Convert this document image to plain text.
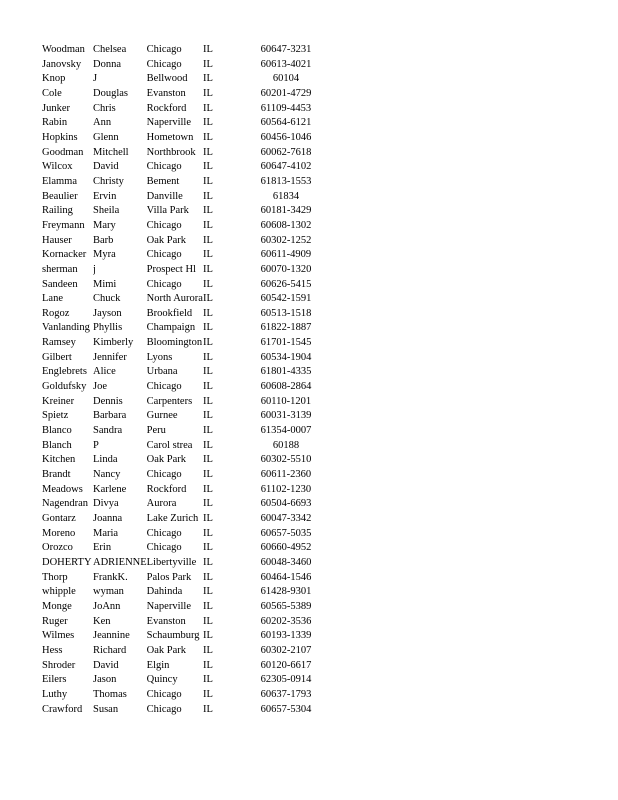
Woodman	Chelsea	Chicago	IL	60647-3231
Janovsky	Donna	Chicago	IL	60613-4021
Knop	J	Bellwood	IL	60104
Cole	Douglas	Evanston	IL	60201-4729
Junker	Chris	Rockford	IL	61109-4453
Rabin	Ann	Naperville	IL	60564-6121
Hopkins	Glenn	Hometown	IL	60456-1046
Goodman	Mitchell	Northbrook	IL	60062-7618
Wilcox	David	Chicago	IL	60647-4102
Elamma	Christy	Bement	IL	61813-1553
Beaulier	Ervin	Danville	IL	61834
Railing	Sheila	Villa Park	IL	60181-3429
Freymann	Mary	Chicago	IL	60608-1302
Hauser	Barb	Oak Park	IL	60302-1252
Kornacker	Myra	Chicago	IL	60611-4909
sherman	j	Prospect Hl	IL	60070-1320
Sandeen	Mimi	Chicago	IL	60626-5415
Lane	Chuck	North Aurora	IL	60542-1591
Rogoz	Jayson	Brookfield	IL	60513-1518
Vanlanding	Phyllis	Champaign	IL	61822-1887
Ramsey	Kimberly	Bloomington	IL	61701-1545
Gilbert	Jennifer	Lyons	IL	60534-1904
Englebrets	Alice	Urbana	IL	61801-4335
Goldufsky	Joe	Chicago	IL	60608-2864
Kreiner	Dennis	Carpenters	IL	60110-1201
Spietz	Barbara	Gurnee	IL	60031-3139
Blanco	Sandra	Peru	IL	61354-0007
Blanch	P	Carol strea	IL	60188
Kitchen	Linda	Oak Park	IL	60302-5510
Brandt	Nancy	Chicago	IL	60611-2360
Meadows	Karlene	Rockford	IL	61102-1230
Nagendran	Divya	Aurora	IL	60504-6693
Gontarz	Joanna	Lake Zurich	IL	60047-3342
Moreno	Maria	Chicago	IL	60657-5035
Orozco	Erin	Chicago	IL	60660-4952
DOHERTY	ADRIENNE	Libertyville	IL	60048-3460
Thorp	FrankK.	Palos Park	IL	60464-1546
whipple	wyman	Dahinda	IL	61428-9301
Monge	JoAnn	Naperville	IL	60565-5389
Ruger	Ken	Evanston	IL	60202-3536
Wilmes	Jeannine	Schaumburg	IL	60193-1339
Hess	Richard	Oak Park	IL	60302-2107
Shroder	David	Elgin	IL	60120-6617
Eilers	Jason	Quincy	IL	62305-0914
Luthy	Thomas	Chicago	IL	60637-1793
Crawford	Susan	Chicago	IL	60657-5304
